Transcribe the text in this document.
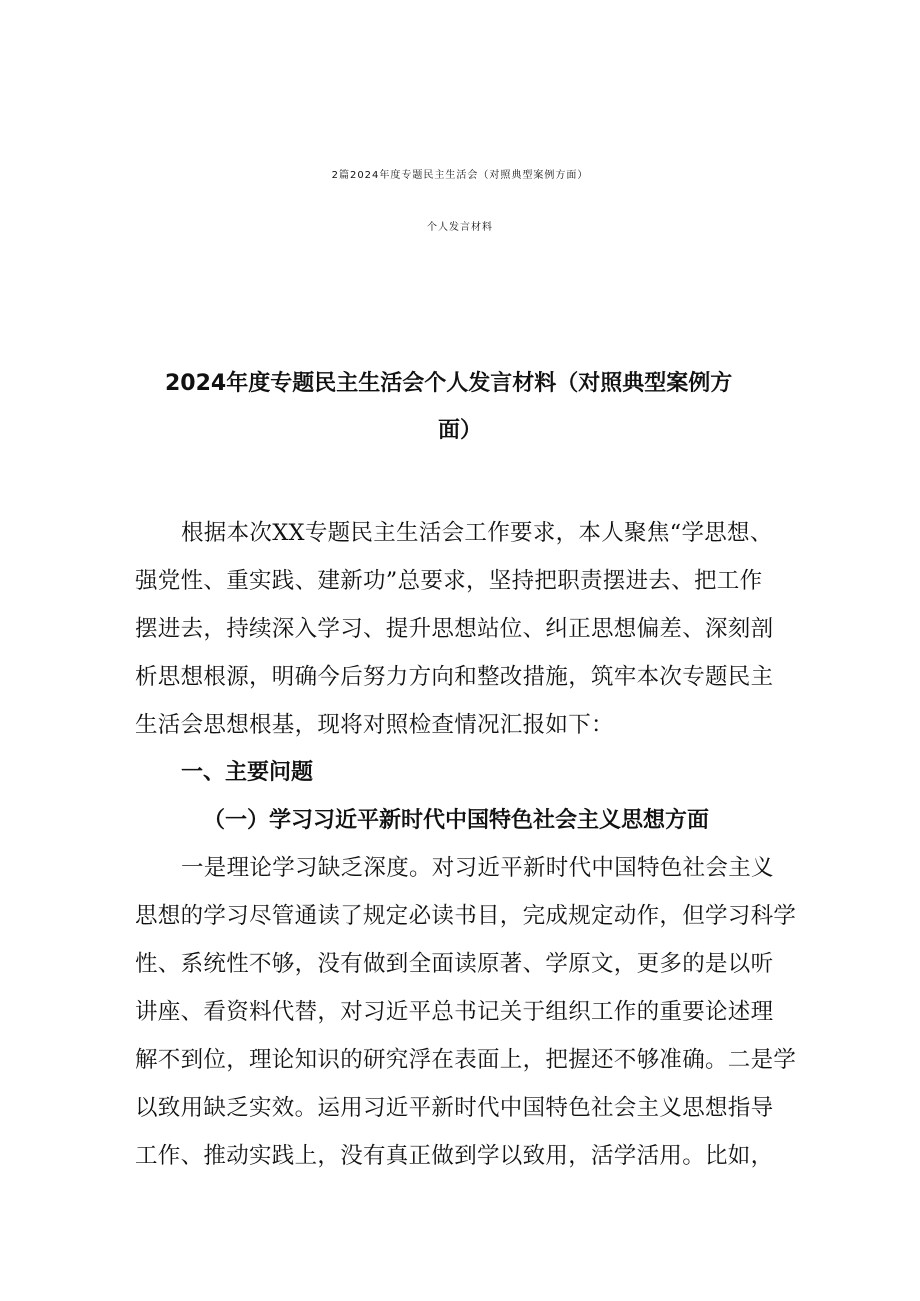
2篇2024年度专题民主生活会（对照典型案例方面）
个人发言材料
2024年度专题民主生活会个人发言材料（对照典型案例方
面）
根据本次XX专题民主生活会工作要求，本人聚焦“学思想、
强党性、重实践、建新功”总要求，坚持把职责摆进去、把工作
摆进去，持续深入学习、提升思想站位、纠正思想偏差、深刻剖
析思想根源，明确今后努力方向和整改措施，筑牢本次专题民主
生活会思想根基，现将对照检查情况汇报如下：
一、主要问题
（一）学习习近平新时代中国特色社会主义思想方面
一是理论学习缺乏深度。对习近平新时代中国特色社会主义
思想的学习尽管通读了规定必读书目，完成规定动作，但学习科学
性、系统性不够，没有做到全面读原著、学原文，更多的是以听
讲座、看资料代替，对习近平总书记关于组织工作的重要论述理
解不到位，理论知识的研究浮在表面上，把握还不够准确。二是学
以致用缺乏实效。运用习近平新时代中国特色社会主义思想指导
工作、推动实践上，没有真正做到学以致用，活学活用。比如，
